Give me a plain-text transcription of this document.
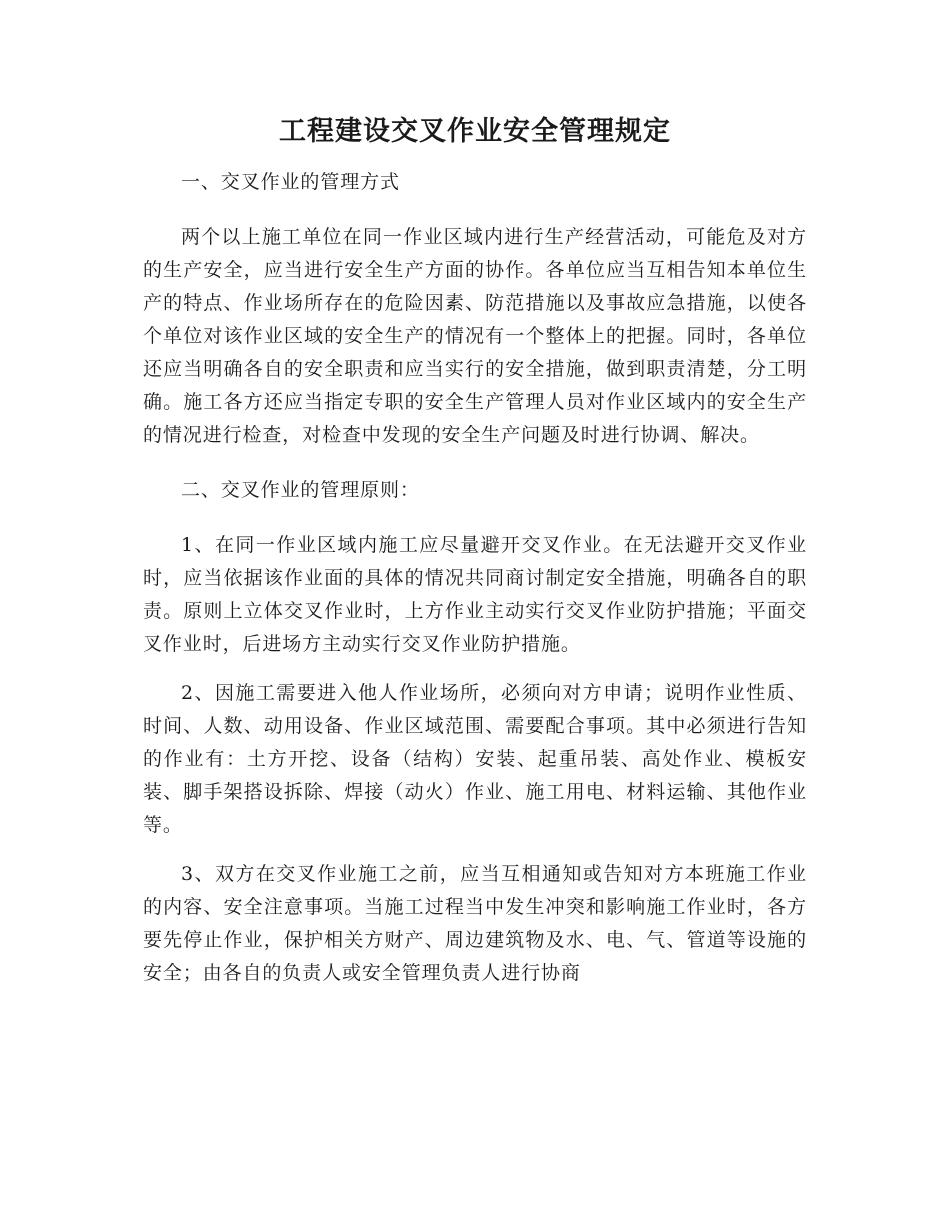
工程建设交叉作业安全管理规定

一、交叉作业的管理方式

两个以上施工单位在同一作业区域内进行生产经营活动，可能危及对方的生产安全，应当进行安全生产方面的协作。各单位应当互相告知本单位生产的特点、作业场所存在的危险因素、防范措施以及事故应急措施，以使各个单位对该作业区域的安全生产的情况有一个整体上的把握。同时，各单位还应当明确各自的安全职责和应当实行的安全措施，做到职责清楚，分工明确。施工各方还应当指定专职的安全生产管理人员对作业区域内的安全生产的情况进行检查，对检查中发现的安全生产问题及时进行协调、解决。

二、交叉作业的管理原则：

1、在同一作业区域内施工应尽量避开交叉作业。在无法避开交叉作业时，应当依据该作业面的具体的情况共同商讨制定安全措施，明确各自的职责。原则上立体交叉作业时，上方作业主动实行交叉作业防护措施；平面交叉作业时，后进场方主动实行交叉作业防护措施。

2、因施工需要进入他人作业场所，必须向对方申请；说明作业性质、时间、人数、动用设备、作业区域范围、需要配合事项。其中必须进行告知的作业有：土方开挖、设备（结构）安装、起重吊装、高处作业、模板安装、脚手架搭设拆除、焊接（动火）作业、施工用电、材料运输、其他作业等。

3、双方在交叉作业施工之前，应当互相通知或告知对方本班施工作业的内容、安全注意事项。当施工过程当中发生冲突和影响施工作业时，各方要先停止作业，保护相关方财产、周边建筑物及水、电、气、管道等设施的安全；由各自的负责人或安全管理负责人进行协商
